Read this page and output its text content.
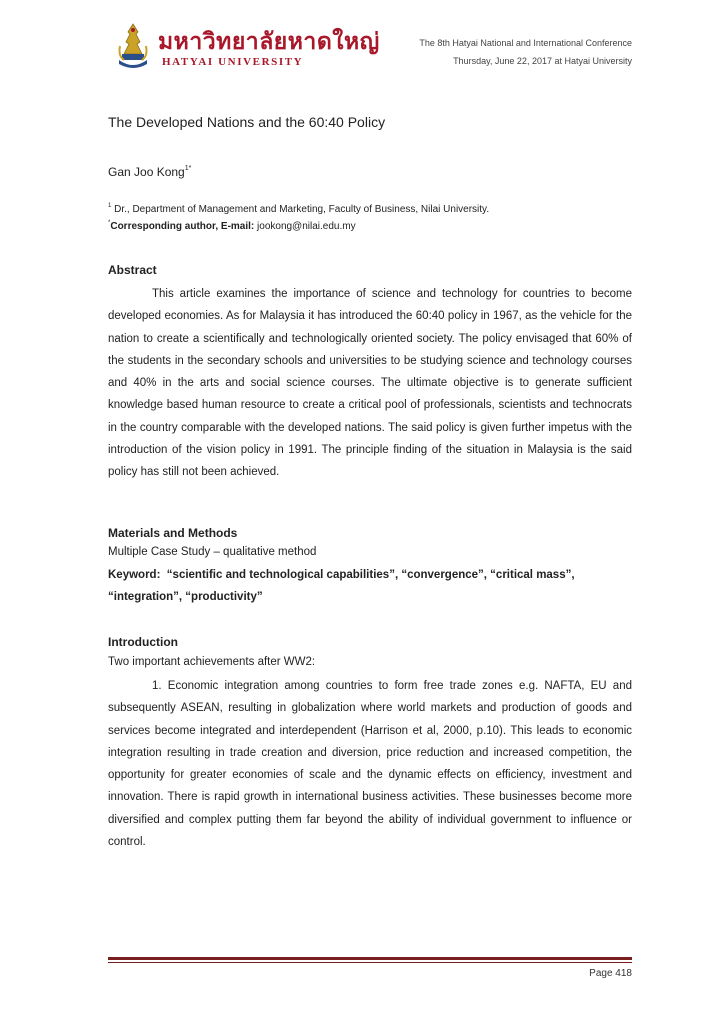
มหาวิทยาลัยหาดใหญ่
HATYAI UNIVERSITY
The 8th Hatyai National and International Conference
Thursday, June 22, 2017 at Hatyai University
The Developed Nations and the 60:40 Policy
Gan Joo Kong$^{1*}$
$^1$ Dr., Department of Management and Marketing, Faculty of Business, Nilai University.
*Corresponding author, E-mail: jookong@nilai.edu.my
Abstract

This article examines the importance of science and technology for countries to become developed economies. As for Malaysia it has introduced the 60:40 policy in 1967, as the vehicle for the nation to create a scientifically and technologically oriented society. The policy envisaged that 60% of the students in the secondary schools and universities to be studying science and technology courses and 40% in the arts and social science courses. The ultimate objective is to generate sufficient knowledge based human resource to create a critical pool of professionals, scientists and technocrats in the country comparable with the developed nations. The said policy is given further impetus with the introduction of the vision policy in 1991. The principle finding of the situation in Malaysia is the said policy has still not been achieved.

Materials and Methods
Multiple Case Study – qualitative method
Keyword: “scientific and technological capabilities”, “convergence”, “critical mass”,
“integration”, “productivity”
Introduction
Two important achievements after WW2:

1. Economic integration among countries to form free trade zones e.g. NAFTA, EU and subsequently ASEAN, resulting in globalization where world markets and production of goods and services become integrated and interdependent (Harrison et al, 2000, p.10). This leads to economic integration resulting in trade creation and diversion, price reduction and increased competition, the opportunity for greater economies of scale and the dynamic effects on efficiency, investment and innovation. There is rapid growth in international business activities. These businesses become more diversified and complex putting them far beyond the ability of individual government to influence or control.

Page 418
